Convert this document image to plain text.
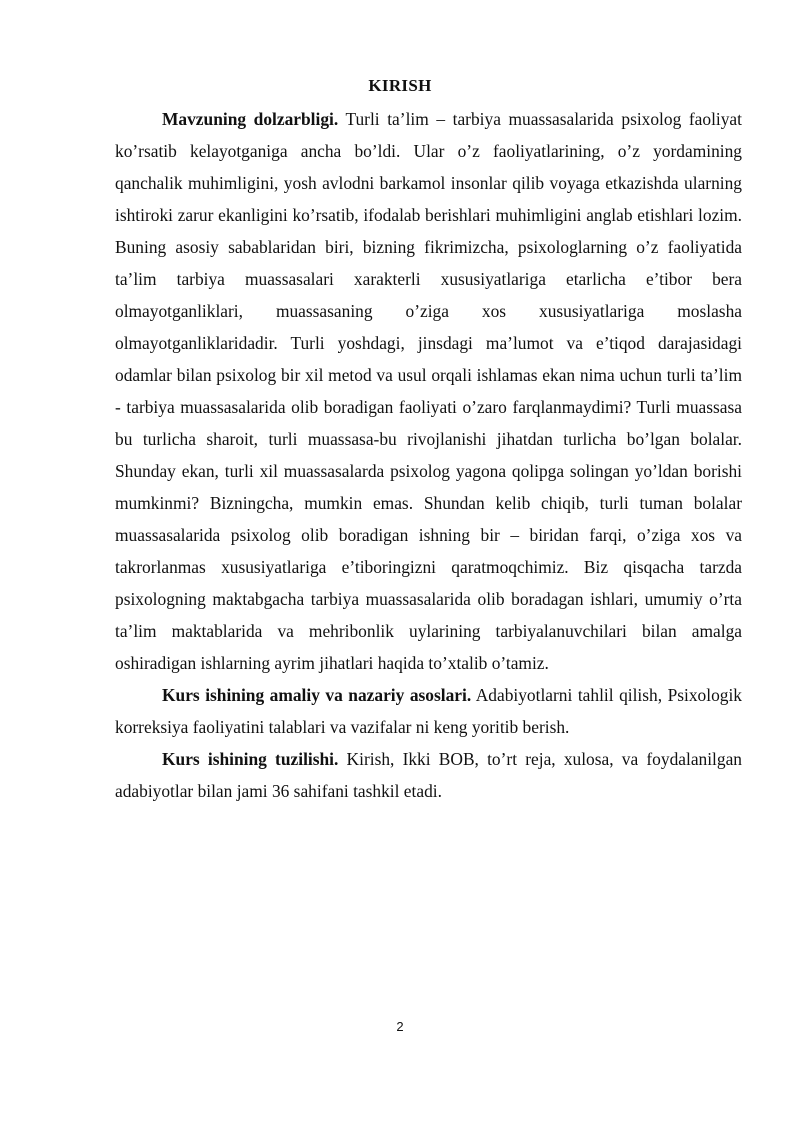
KIRISH

Mavzuning dolzarbligi. Turli ta’lim – tarbiya muassasalarida psixolog faoliyat ko’rsatib kelayotganiga ancha bo’ldi. Ular o’z faoliyatlarining, o’z yordamining qanchalik muhimligini, yosh avlodni barkamol insonlar qilib voyaga etkazishda ularning ishtiroki zarur ekanligini ko’rsatib, ifodalab berishlari muhimligini anglab etishlari lozim. Buning asosiy sabablaridan biri, bizning fikrimizcha, psixologlarning o’z faoliyatida ta’lim tarbiya muassasalari xarakterli xususiyatlariga etarlicha e’tibor bera olmayotganliklari, muassasaning o’ziga xos xususiyatlariga moslasha olmayotganliklaridadir. Turli yoshdagi, jinsdagi ma’lumot va e’tiqod darajasidagi odamlar bilan psixolog bir xil metod va usul orqali ishlamas ekan nima uchun turli ta’lim - tarbiya muassasalarida olib boradigan faoliyati o’zaro farqlanmaydimi? Turli muassasa bu turlicha sharoit, turli muassasa-bu rivojlanishi jihatdan turlicha bo’lgan bolalar. Shunday ekan, turli xil muassasalarda psixolog yagona qolipga solingan yo’ldan borishi mumkinmi? Bizningcha, mumkin emas. Shundan kelib chiqib, turli tuman bolalar muassasalarida psixolog olib boradigan ishning bir – biridan farqi, o’ziga xos va takrorlanmas xususiyatlariga e’tiboringizni qaratmoqchimiz. Biz qisqacha tarzda psixologning maktabgacha tarbiya muassasalarida olib boradagan ishlari, umumiy o’rta ta’lim maktablarida va mehribonlik uylarining tarbiyalanuvchilari bilan amalga oshiradigan ishlarning ayrim jihatlari haqida to’xtalib o’tamiz.

Kurs ishining amaliy va nazariy asoslari. Adabiyotlarni tahlil qilish, Psixologik korreksiya faoliyatini talablari va vazifalar ni keng yoritib berish.

Kurs ishining tuzilishi. Kirish, Ikki BOB, to’rt reja, xulosa, va foydalanilgan adabiyotlar bilan jami 36 sahifani tashkil etadi.

2
